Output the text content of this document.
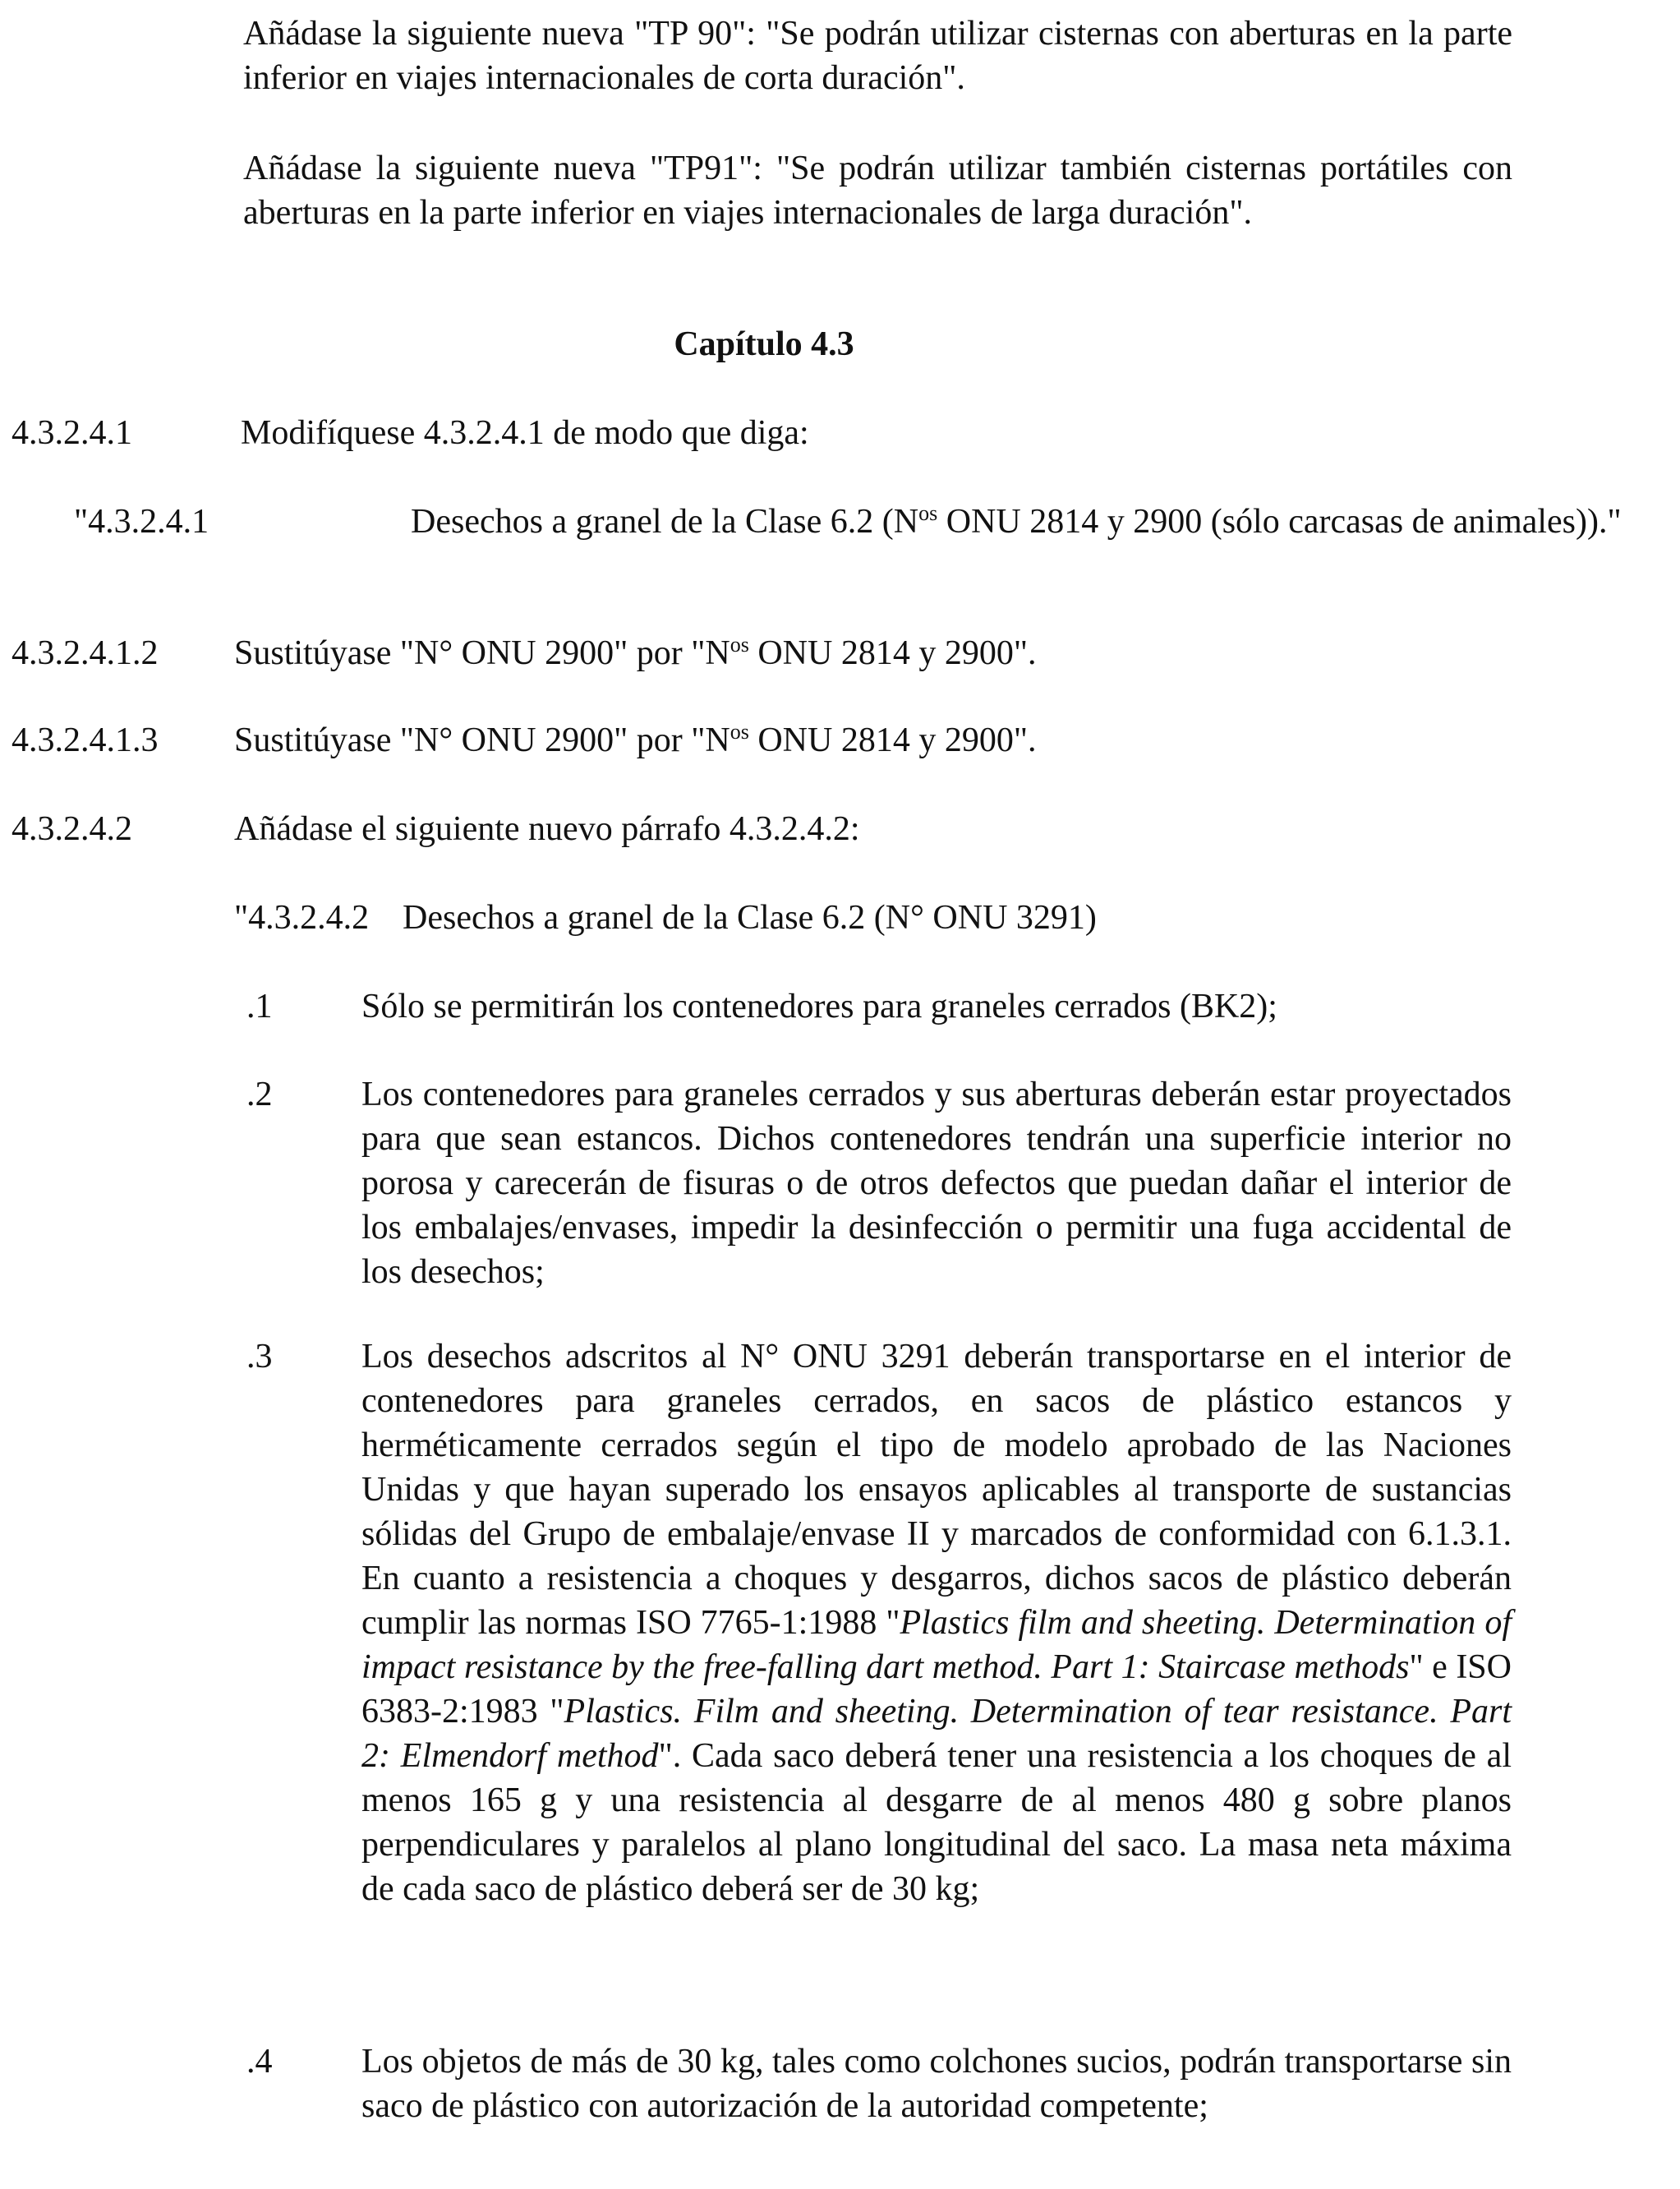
Añádase la siguiente nueva "TP 90": "Se podrán utilizar cisternas con aberturas en la parte inferior en viajes internacionales de corta duración".

Añádase la siguiente nueva "TP91": "Se podrán utilizar también cisternas portátiles con aberturas en la parte inferior en viajes internacionales de larga duración".

Capítulo 4.3

4.3.2.4.1	Modifíquese 4.3.2.4.1 de modo que diga:

"4.3.2.4.1	Desechos a granel de la Clase 6.2 ($N^{os}$ ONU 2814 y 2900 (sólo carcasas de animales))."

4.3.2.4.1.2 Sustitúyase "N° ONU 2900" por "$N^{os}$ ONU 2814 y 2900".

4.3.2.4.1.3 Sustitúyase "N° ONU 2900" por "$N^{os}$ ONU 2814 y 2900".

4.3.2.4.2	Añádase el siguiente nuevo párrafo 4.3.2.4.2:

"4.3.2.4.2 Desechos a granel de la Clase 6.2 (N° ONU 3291)

.1	Sólo se permitirán los contenedores para graneles cerrados (BK2);

.2	Los contenedores para graneles cerrados y sus aberturas deberán estar proyectados para que sean estancos. Dichos contenedores tendrán una superficie interior no porosa y carecerán de fisuras o de otros defectos que puedan dañar el interior de los embalajes/envases, impedir la desinfección o permitir una fuga accidental de los desechos;

.3	Los desechos adscritos al N° ONU 3291 deberán transportarse en el interior de contenedores para graneles cerrados, en sacos de plástico estancos y herméticamente cerrados según el tipo de modelo aprobado de las Naciones Unidas y que hayan superado los ensayos aplicables al transporte de sustancias sólidas del Grupo de embalaje/envase II y marcados de conformidad con 6.1.3.1. En cuanto a resistencia a choques y desgarros, dichos sacos de plástico deberán cumplir las normas ISO 7765-1:1988 "Plastics film and sheeting. Determination of impact resistance by the free-falling dart method. Part 1: Staircase methods" e ISO 6383-2:1983 "Plastics. Film and sheeting. Determination of tear resistance. Part 2: Elmendorf method". Cada saco deberá tener una resistencia a los choques de al menos 165 g y una resistencia al desgarre de al menos 480 g sobre planos perpendiculares y paralelos al plano longitudinal del saco. La masa neta máxima de cada saco de plástico deberá ser de 30 kg;

.4	Los objetos de más de 30 kg, tales como colchones sucios, podrán transportarse sin saco de plástico con autorización de la autoridad competente;
